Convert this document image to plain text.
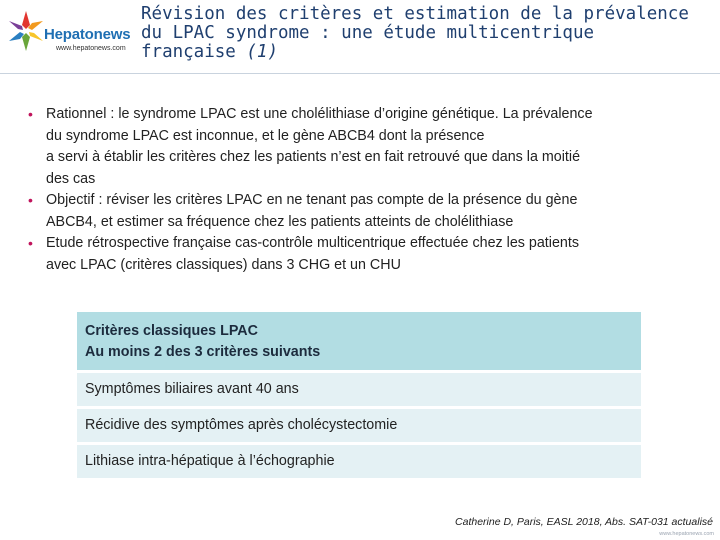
Hepatonews
www.hepatonews.com
Révision des critères et estimation de la prévalence
du LPAC syndrome : une étude multicentrique
française (1)
• Rationnel : le syndrome LPAC est une cholélithiase d’origine génétique. La prévalence
du syndrome LPAC est inconnue, et le gène ABCB4 dont la présence
a servi à établir les critères chez les patients n’est en fait retrouvé que dans la moitié
des cas
• Objectif : réviser les critères LPAC en ne tenant pas compte de la présence du gène
ABCB4, et estimer sa fréquence chez les patients atteints de cholélithiase
• Etude rétrospective française cas-contrôle multicentrique effectuée chez les patients
avec LPAC (critères classiques) dans 3 CHG et un CHU
Critères classiques LPAC
Au moins 2 des 3 critères suivants
Symptômes biliaires avant 40 ans
Récidive des symptômes après cholécystectomie
Lithiase intra-hépatique à l’échographie
Catherine D, Paris, EASL 2018, Abs. SAT-031 actualisé
www.hepatonews.com
